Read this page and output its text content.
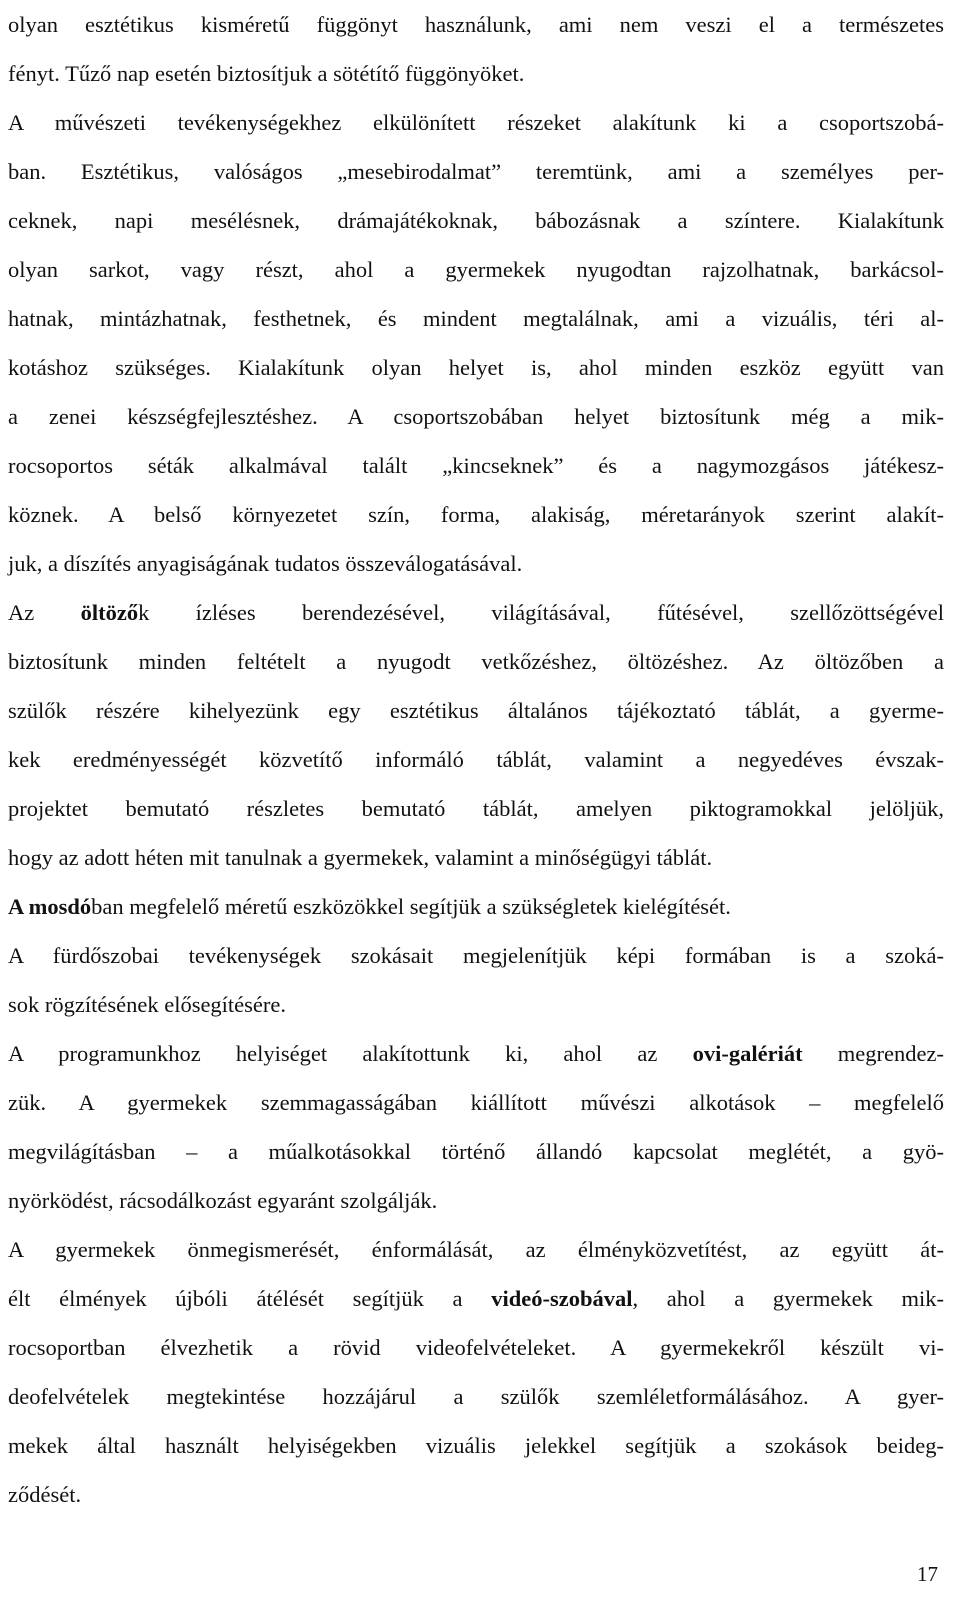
olyan esztétikus kisméretű függönyt használunk, ami nem veszi el a természetes
fényt. Tűző nap esetén biztosítjuk a sötétítő függönyöket.
A művészeti tevékenységekhez elkülönített részeket alakítunk ki a csoportszobá-
ban. Esztétikus, valóságos „mesebirodalmat” teremtünk, ami a személyes per-
ceknek, napi mesélésnek, drámajátékoknak, bábozásnak a színtere. Kialakítunk
olyan sarkot, vagy részt, ahol a gyermekek nyugodtan rajzolhatnak, barkácsol-
hatnak, mintázhatnak, festhetnek, és mindent megtalálnak, ami a vizuális, téri al-
kotáshoz szükséges. Kialakítunk olyan helyet is, ahol minden eszköz együtt van
a zenei készségfejlesztéshez. A csoportszobában helyet biztosítunk még a mik-
rocsoportos séták alkalmával talált „kincseknek” és a nagymozgásos játékesz-
köznek. A belső környezetet szín, forma, alakiság, méretarányok szerint alakít-
juk, a díszítés anyagiságának tudatos összeválogatásával.
Az öltözők ízléses berendezésével, világításával, fűtésével, szellőzöttségével
biztosítunk minden feltételt a nyugodt vetkőzéshez, öltözéshez. Az öltözőben a
szülők részére kihelyezünk egy esztétikus általános tájékoztató táblát, a gyerme-
kek eredményességét közvetítő informáló táblát, valamint a negyedéves évszak-
projektet bemutató részletes bemutató táblát, amelyen piktogramokkal jelöljük,
hogy az adott héten mit tanulnak a gyermekek, valamint a minőségügyi táblát.
A mosdóban megfelelő méretű eszközökkel segítjük a szükségletek kielégítését.
A fürdőszobai tevékenységek szokásait megjelenítjük képi formában is a szoká-
sok rögzítésének elősegítésére.
A programunkhoz helyiséget alakítottunk ki, ahol az ovi-galériát megrendez-
zük. A gyermekek szemmagasságában kiállított művészi alkotások – megfelelő
megvilágításban – a műalkotásokkal történő állandó kapcsolat meglétét, a gyö-
nyörködést, rácsodálkozást egyaránt szolgálják.
A gyermekek önmegismerését, énformálását, az élményközvetítést, az együtt át-
élt élmények újbóli átélését segítjük a videó-szobával, ahol a gyermekek mik-
rocsoportban élvezhetik a rövid videofelvételeket. A gyermekekről készült vi-
deofelvételek megtekintése hozzájárul a szülők szemléletformálásához. A gyer-
mekek által használt helyiségekben vizuális jelekkel segítjük a szokások beideg-
ződését.
17
